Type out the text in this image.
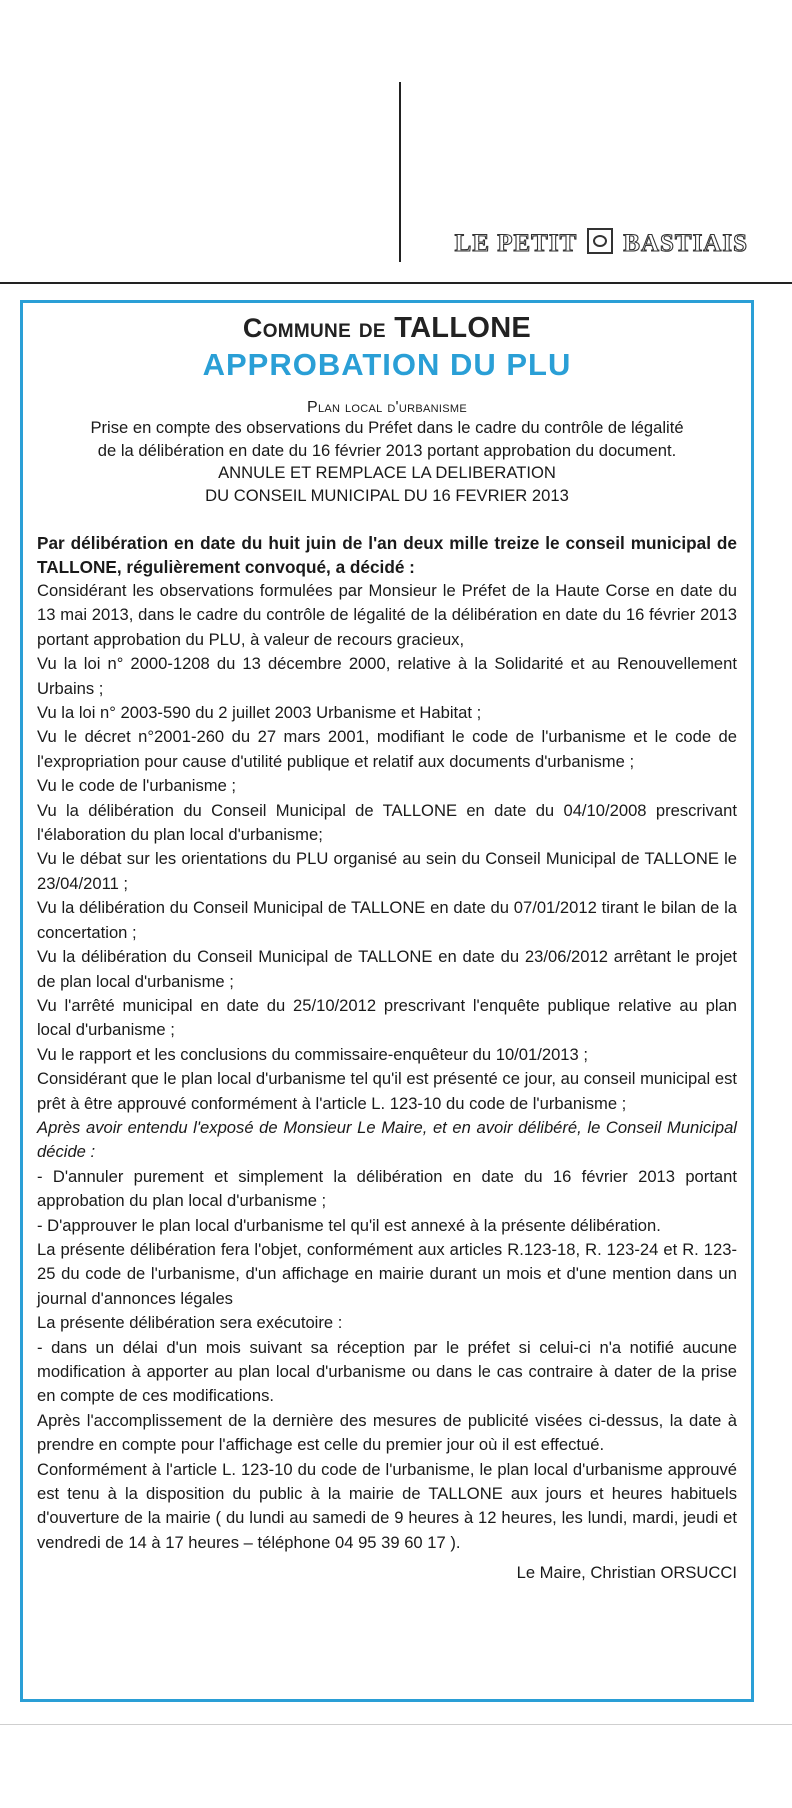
LE PETIT BASTIAIS
Commune de TALLONE
APPROBATION DU PLU
Plan local d'urbanisme
Prise en compte des observations du Préfet dans le cadre du contrôle de légalité
de la délibération en date du 16 février 2013 portant approbation du document.
ANNULE ET REMPLACE LA DELIBERATION
DU CONSEIL MUNICIPAL DU 16 FEVRIER 2013

Par délibération en date du huit juin de l'an deux mille treize le conseil municipal de TALLONE, régulièrement convoqué, a décidé :

Considérant les observations formulées par Monsieur le Préfet de la Haute Corse en date du 13 mai 2013, dans le cadre du contrôle de légalité de la délibération en date du 16 février 2013 portant approbation du PLU, à valeur de recours gracieux,

Vu la loi n° 2000-1208 du 13 décembre 2000, relative à la Solidarité et au Renouvellement Urbains ;

Vu la loi n° 2003-590 du 2 juillet 2003 Urbanisme et Habitat ;

Vu le décret n°2001-260 du 27 mars 2001, modifiant le code de l'urbanisme et le code de l'expropriation pour cause d'utilité publique et relatif aux documents d'urbanisme ;

Vu le code de l'urbanisme ;

Vu la délibération du Conseil Municipal de TALLONE en date du 04/10/2008 prescrivant l'élaboration du plan local d'urbanisme;

Vu le débat sur les orientations du PLU organisé au sein du Conseil Municipal de TALLONE le 23/04/2011 ;

Vu la délibération du Conseil Municipal de TALLONE en date du 07/01/2012 tirant le bilan de la concertation ;

Vu la délibération du Conseil Municipal de TALLONE en date du 23/06/2012 arrêtant le projet de plan local d'urbanisme ;

Vu l'arrêté municipal en date du 25/10/2012 prescrivant l'enquête publique relative au plan local d'urbanisme ;

Vu le rapport et les conclusions du commissaire-enquêteur du 10/01/2013 ;

Considérant que le plan local d'urbanisme tel qu'il est présenté ce jour, au conseil municipal est prêt à être approuvé conformément à l'article L. 123-10 du code de l'urbanisme ;

Après avoir entendu l'exposé de Monsieur Le Maire, et en avoir délibéré, le Conseil Municipal décide :

- D'annuler purement et simplement la délibération en date du 16 février 2013 portant approbation du plan local d'urbanisme ;

- D'approuver le plan local d'urbanisme tel qu'il est annexé à la présente délibération.

La présente délibération fera l'objet, conformément aux articles R.123-18, R. 123-24 et R. 123-25 du code de l'urbanisme, d'un affichage en mairie durant un mois et d'une mention dans un journal d'annonces légales

La présente délibération sera exécutoire :

- dans un délai d'un mois suivant sa réception par le préfet si celui-ci n'a notifié aucune modification à apporter au plan local d'urbanisme ou dans le cas contraire à dater de la prise en compte de ces modifications.

Après l'accomplissement de la dernière des mesures de publicité visées ci-dessus, la date à prendre en compte pour l'affichage est celle du premier jour où il est effectué.

Conformément à l'article L. 123-10 du code de l'urbanisme, le plan local d'urbanisme approuvé est tenu à la disposition du public à la mairie de TALLONE aux jours et heures habituels d'ouverture de la mairie ( du lundi au samedi de 9 heures à 12 heures, les lundi, mardi, jeudi et vendredi de 14 à 17 heures – téléphone 04 95 39 60 17 ).

Le Maire, Christian ORSUCCI
